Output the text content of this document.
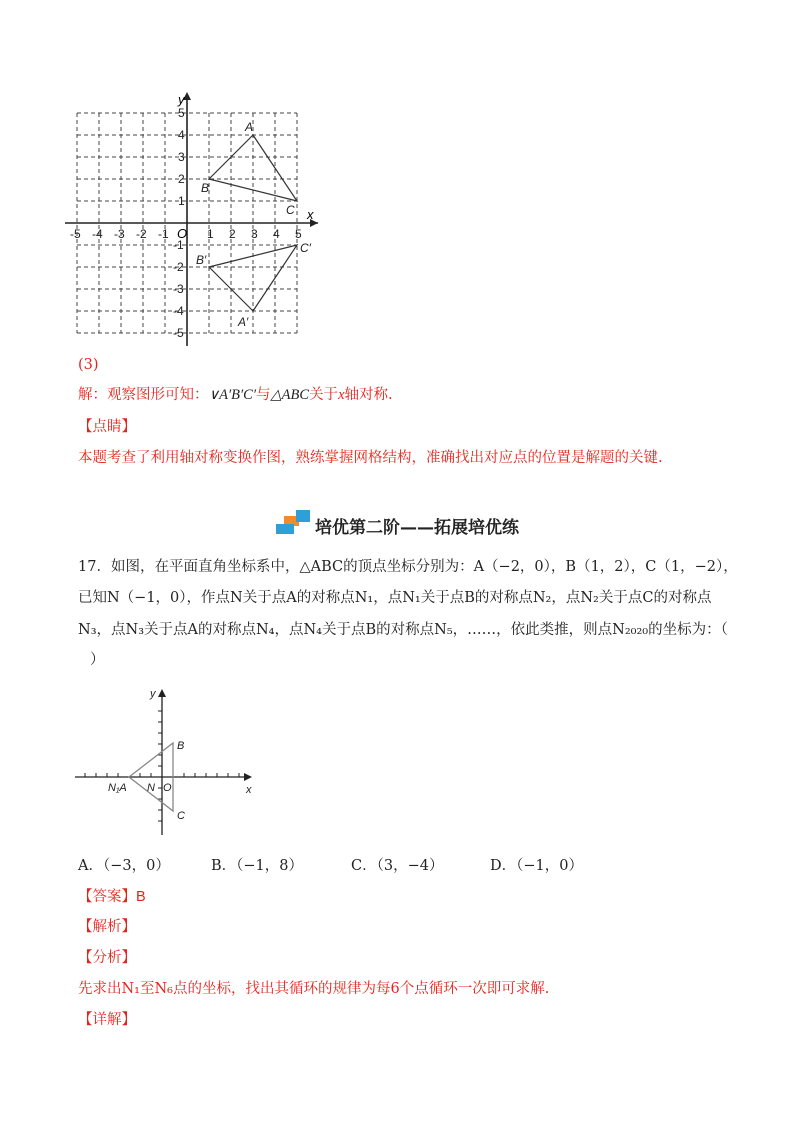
-5 -4 -3 -2 -1	1 2 3 4 5
5
4
3
2
1
-1
-2
-3
-4
-5
O
x
y
A
B
C
A′
B′
C′
(3)
解：观察图形可知：∨A′B′C′与△ABC关于x轴对称.
【点睛】
本题考查了利用轴对称变换作图，熟练掌握网格结构，准确找出对应点的位置是解题的关键.
培优第二阶——拓展培优练
17．如图，在平面直角坐标系中，△ABC的顶点坐标分别为：A（−2，0），B（1，2），C（1，−2），
已知N（−1，0），作点N关于点A的对称点N₁，点N₁关于点B的对称点N₂，点N₂关于点C的对称点
N₃，点N₃关于点A的对称点N₄，点N₄关于点B的对称点N₅，……，依此类推，则点N₂₀₂₀的坐标为：（
）
y
x
B
C
O
N
N₁A
A．（−3，0）	B．（−1，8）	C．（3，−4）	D．（−1，0）
【答案】B
【解析】
【分析】
先求出N₁至N₆点的坐标，找出其循环的规律为每6个点循环一次即可求解.
【详解】
